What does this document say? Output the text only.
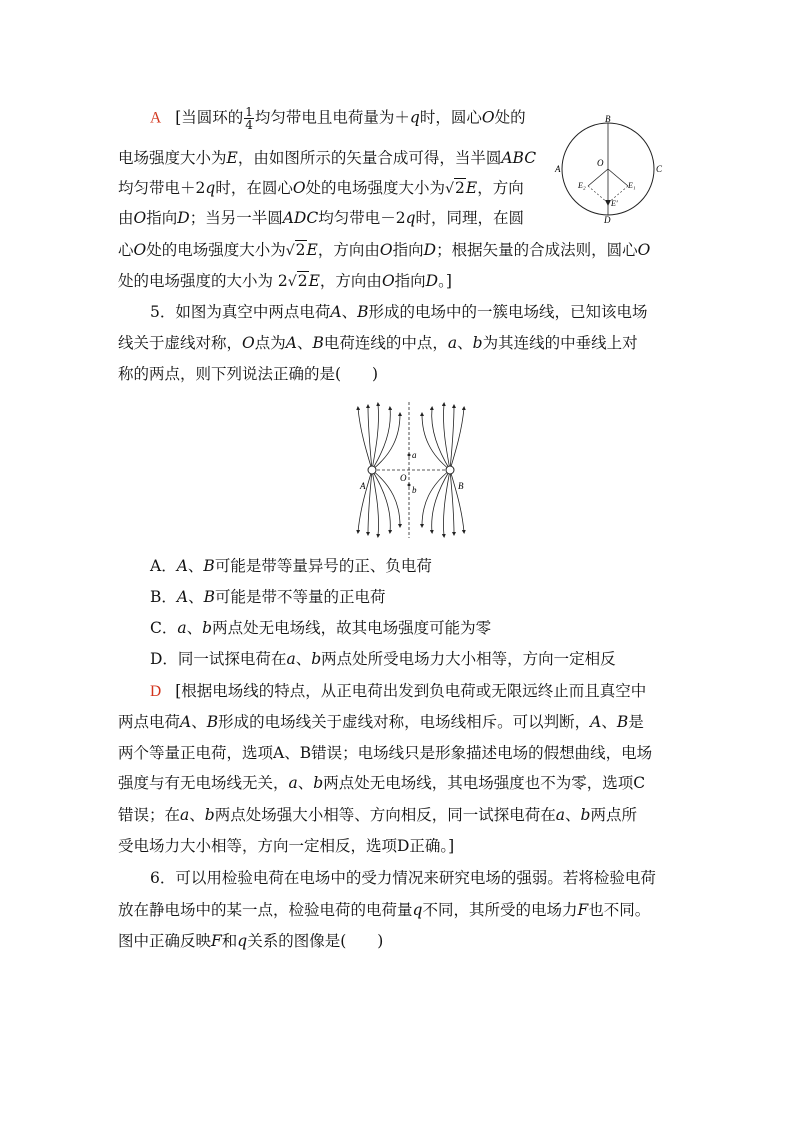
A [当圆环的 $\frac{1}{4}$ 均匀带电且电荷量为＋q时，圆心O处的
电场强度大小为E，由如图所示的矢量合成可得，当半圆ABC
均匀带电＋2q时，在圆心O处的电场强度大小为√2E，方向
由O指向D；当另一半圆ADC均匀带电－2q时，同理，在圆
心O处的电场强度大小为√2E，方向由O指向D；根据矢量的合成法则，圆心O
处的电场强度的大小为 2√2E，方向由O指向D。]
B
A	C
D
O
E₁
E₂
E′
5．如图为真空中两点电荷A、B形成的电场中的一簇电场线，已知该电场
线关于虚线对称，O点为A、B电荷连线的中点，a、b为其连线的中垂线上对
称的两点，则下列说法正确的是(　　)
A	B
O
a
b
A．A、B可能是带等量异号的正、负电荷
B．A、B可能是带不等量的正电荷
C．a、b两点处无电场线，故其电场强度可能为零
D．同一试探电荷在a、b两点处所受电场力大小相等，方向一定相反
D [根据电场线的特点，从正电荷出发到负电荷或无限远终止而且真空中
两点电荷A、B形成的电场线关于虚线对称，电场线相斥。可以判断，A、B是
两个等量正电荷，选项A、B错误；电场线只是形象描述电场的假想曲线，电场
强度与有无电场线无关，a、b两点处无电场线，其电场强度也不为零，选项C
错误；在a、b两点处场强大小相等、方向相反，同一试探电荷在a、b两点所
受电场力大小相等，方向一定相反，选项D正确。]
6．可以用检验电荷在电场中的受力情况来研究电场的强弱。若将检验电荷
放在静电场中的某一点，检验电荷的电荷量q不同，其所受的电场力F也不同。
图中正确反映F和q关系的图像是(　　)
